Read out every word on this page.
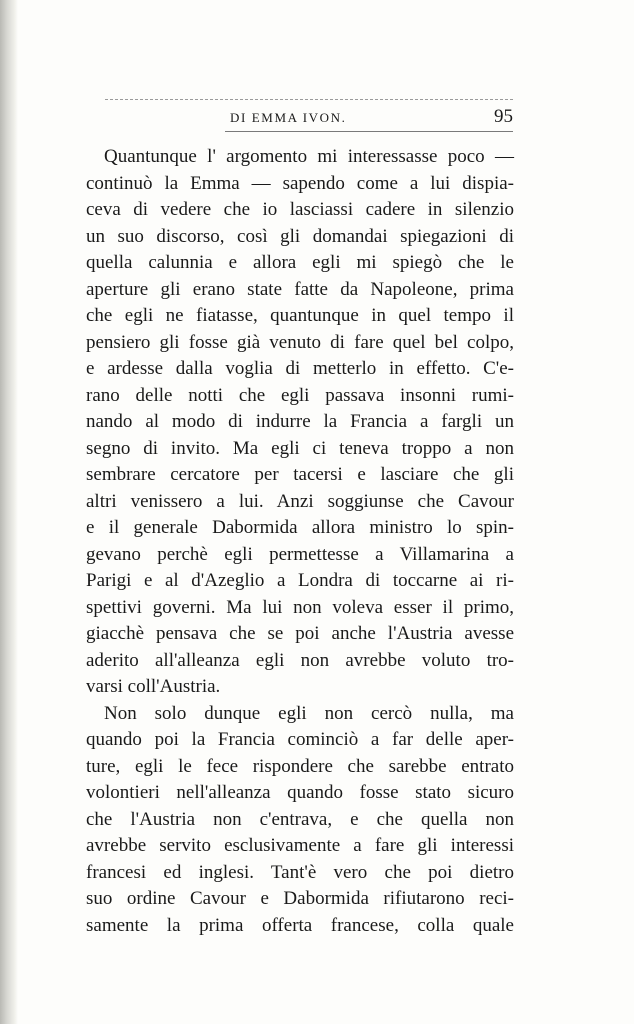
DI EMMA IVON.	95
Quantunque l' argomento mi interessasse poco —
continuò la Emma — sapendo come a lui dispia-
ceva di vedere che io lasciassi cadere in silenzio
un suo discorso, così gli domandai spiegazioni di
quella calunnia e allora egli mi spiegò che le
aperture gli erano state fatte da Napoleone, prima
che egli ne fiatasse, quantunque in quel tempo il
pensiero gli fosse già venuto di fare quel bel colpo,
e ardesse dalla voglia di metterlo in effetto. C'e-
rano delle notti che egli passava insonni rumi-
nando al modo di indurre la Francia a fargli un
segno di invito. Ma egli ci teneva troppo a non
sembrare cercatore per tacersi e lasciare che gli
altri venissero a lui. Anzi soggiunse che Cavour
e il generale Dabormida allora ministro lo spin-
gevano perchè egli permettesse a Villamarina a
Parigi e al d'Azeglio a Londra di toccarne ai ri-
spettivi governi. Ma lui non voleva esser il primo,
giacchè pensava che se poi anche l'Austria avesse
aderito all'alleanza egli non avrebbe voluto tro-
varsi coll'Austria.
Non solo dunque egli non cercò nulla, ma
quando poi la Francia cominciò a far delle aper-
ture, egli le fece rispondere che sarebbe entrato
volontieri nell'alleanza quando fosse stato sicuro
che l'Austria non c'entrava, e che quella non
avrebbe servito esclusivamente a fare gli interessi
francesi ed inglesi. Tant'è vero che poi dietro
suo ordine Cavour e Dabormida rifiutarono reci-
samente la prima offerta francese, colla quale
